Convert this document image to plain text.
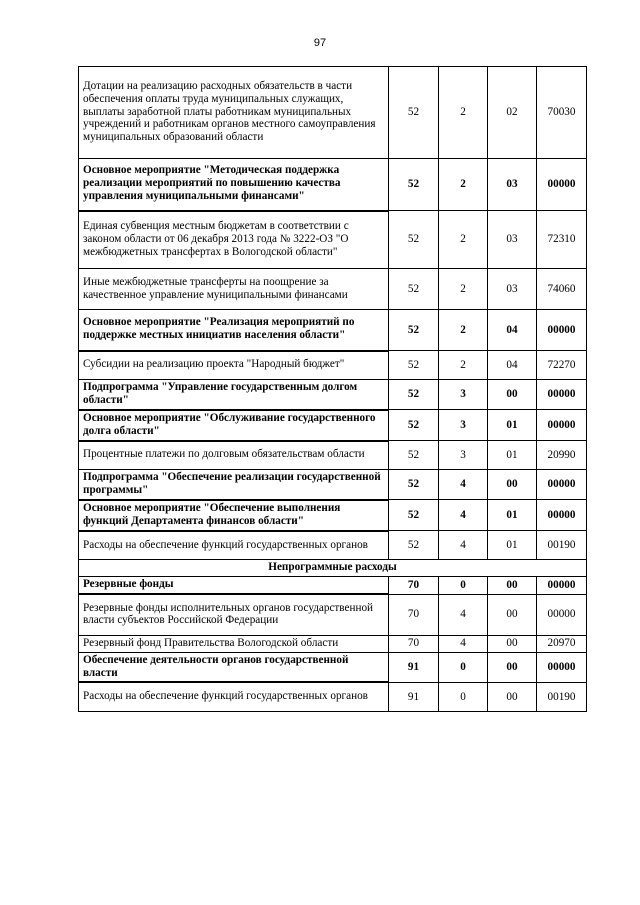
97
Дотации на реализацию расходных обязательств в части обеспечения оплаты труда муниципальных служащих, выплаты заработной платы работникам муниципальных учреждений и работникам органов местного самоуправления муниципальных образований области	52	2	02	70030
Основное мероприятие "Методическая поддержка реализации мероприятий по повышению качества управления муниципальными финансами"	52	2	03	00000
Единая субвенция местным бюджетам в соответствии с законом области от 06 декабря 2013 года № 3222-ОЗ "О межбюджетных трансфертах в Вологодской области"	52	2	03	72310
Иные межбюджетные трансферты на поощрение за качественное управление муниципальными финансами	52	2	03	74060
Основное мероприятие "Реализация мероприятий по поддержке местных инициатив населения области"	52	2	04	00000
Субсидии на реализацию проекта "Народный бюджет"	52	2	04	72270
Подпрограмма "Управление государственным долгом области"	52	3	00	00000
Основное мероприятие "Обслуживание государственного долга области"	52	3	01	00000
Процентные платежи по долговым обязательствам области	52	3	01	20990
Подпрограмма "Обеспечение реализации государственной программы"	52	4	00	00000
Основное мероприятие "Обеспечение выполнения функций Департамента финансов области"	52	4	01	00000
Расходы на обеспечение функций государственных органов	52	4	01	00190
Непрограммные расходы				
Резервные фонды	70	0	00	00000
Резервные фонды исполнительных органов государственной власти субъектов Российской Федерации	70	4	00	00000
Резервный фонд Правительства Вологодской области	70	4	00	20970
Обеспечение деятельности органов государственной власти	91	0	00	00000
Расходы на обеспечение функций государственных органов	91	0	00	00190
